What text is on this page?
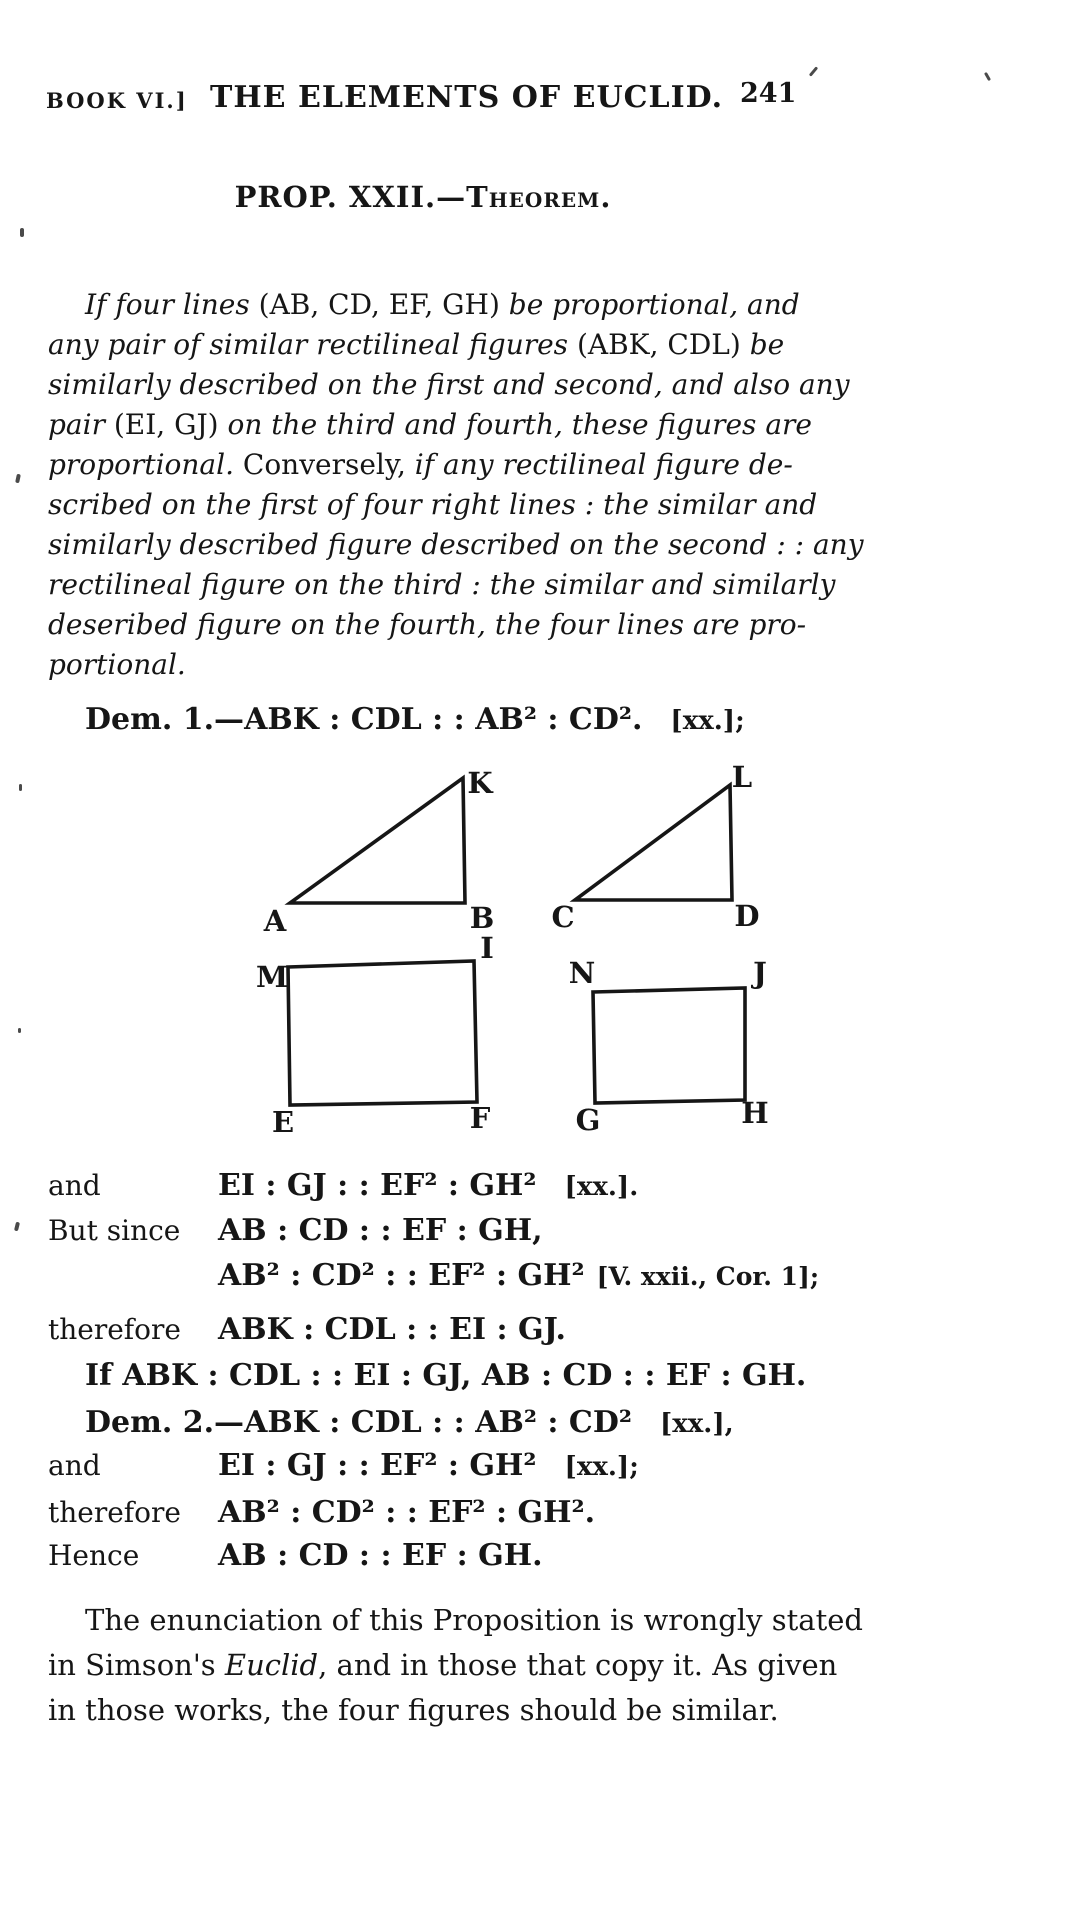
BOOK VI.] THE ELEMENTS OF EUCLID. 241
PROP. XXII.—Theorem.
If four lines (AB, CD, EF, GH) be proportional, and
any pair of similar rectilineal figures (ABK, CDL) be
similarly described on the first and second, and also any
pair (EI, GJ) on the third and fourth, these figures are
proportional. Conversely, if any rectilineal figure de-
scribed on the first of four right lines : the similar and
similarly described figure described on the second : : any
rectilineal figure on the third : the similar and similarly
deseribed figure on the fourth, the four lines are pro-
portional.
Dem. 1.—ABK : CDL : : AB² : CD². [xx.];
K	L
A	B C	D
I
M	N	J
E	F	G	H
and	EI : GJ : : EF² : GH² [xx.].
But since AB : CD : : EF : GH,
AB² : CD² : : EF² : GH² [V. xxii., Cor. 1];
therefore ABK : CDL : : EI : GJ.
If ABK : CDL : : EI : GJ, AB : CD : : EF : GH.
Dem. 2.—ABK : CDL : : AB² : CD² [xx.],
and	EI : GJ : : EF² : GH² [xx.];
therefore AB² : CD² : : EF² : GH².
Hence	AB : CD : : EF : GH.
The enunciation of this Proposition is wrongly stated
in Simson's Euclid, and in those that copy it. As given
in those works, the four figures should be similar.
